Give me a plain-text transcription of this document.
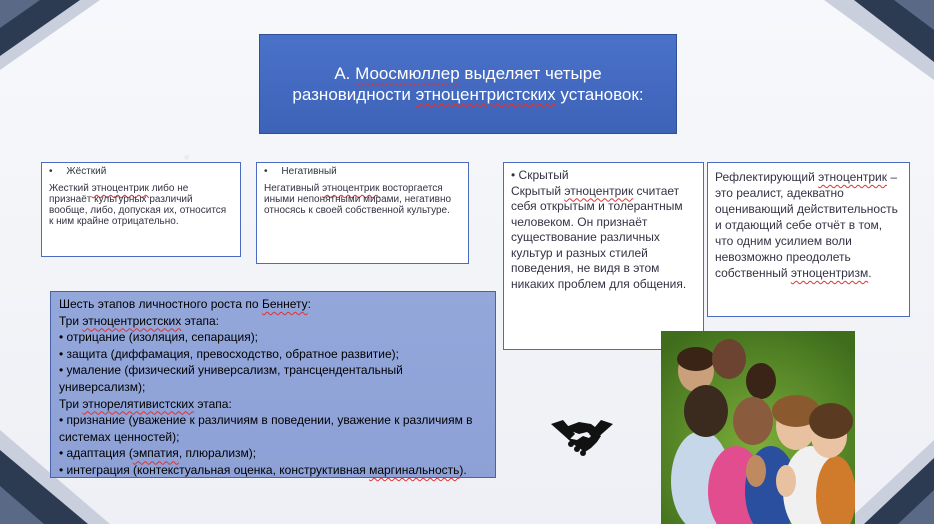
А. Моосмюллер выделяет четыре разновидности этноцентристских установок:
• Жёсткий
Жесткий этноцентрик либо не признаёт культурных различий вообще, либо, допуская их, относится к ним крайне отрицательно.
• Негативный
Негативный этноцентрик восторгается иными непонятными мирами, негативно относясь к своей собственной культуре.
• Скрытый
Скрытый этноцентрик считает себя открытым и толерантным человеком. Он признаёт существование различных культур и разных стилей поведения, не видя в этом никаких проблем для общения.
Рефлектирующий этноцентрик – это реалист, адекватно оценивающий действительность и отдающий себе отчёт в том, что одним усилием воли невозможно преодолеть собственный этноцентризм.
Шесть этапов личностного роста по Беннету:
Три этноцентристских этапа:
• отрицание (изоляция, сепарация);
• защита (диффамация, превосходство, обратное развитие);
• умаление (физический универсализм, трансцендентальный универсализм);
Три этнорелятивистских этапа:
• признание (уважение к различиям в поведении, уважение к различиям в системах ценностей);
• адаптация (эмпатия, плюрализм);
• интеграция (контекстуальная оценка, конструктивная маргинальность).
